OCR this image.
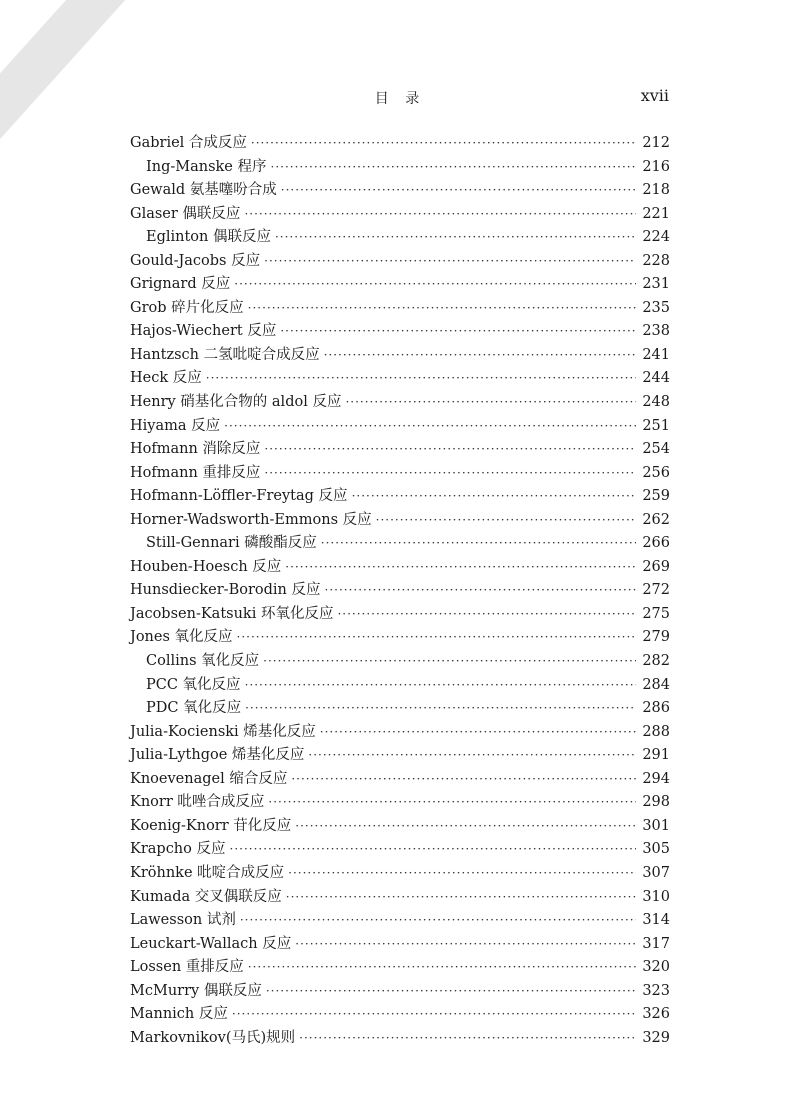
目 录	xvii
Gabriel 合成反应 ·····	212
Ing-Manske 程序 ·····	216
Gewald 氨基噻吩合成 ·····	218
Glaser 偶联反应 ·····	221
Eglinton 偶联反应 ·····	224
Gould-Jacobs 反应 ·····	228
Grignard 反应 ·····	231
Grob 碎片化反应 ·····	235
Hajos-Wiechert 反应 ·····	238
Hantzsch 二氢吡啶合成反应 ·····	241
Heck 反应 ·····	244
Henry 硝基化合物的 aldol 反应 ·····	248
Hiyama 反应 ·····	251
Hofmann 消除反应 ·····	254
Hofmann 重排反应 ·····	256
Hofmann-Löffler-Freytag 反应 ·····	259
Horner-Wadsworth-Emmons 反应 ·····	262
Still-Gennari 磷酸酯反应 ·····	266
Houben-Hoesch 反应 ·····	269
Hunsdiecker-Borodin 反应 ·····	272
Jacobsen-Katsuki 环氧化反应 ·····	275
Jones 氧化反应 ·····	279
Collins 氧化反应 ·····	282
PCC 氧化反应 ·····	284
PDC 氧化反应 ·····	286
Julia-Kocienski 烯基化反应 ·····	288
Julia-Lythgoe 烯基化反应 ·····	291
Knoevenagel 缩合反应 ·····	294
Knorr 吡唑合成反应 ·····	298
Koenig-Knorr 苷化反应 ·····	301
Krapcho 反应 ·····	305
Kröhnke 吡啶合成反应 ·····	307
Kumada 交叉偶联反应 ·····	310
Lawesson 试剂 ·····	314
Leuckart-Wallach 反应 ·····	317
Lossen 重排反应 ·····	320
McMurry 偶联反应 ·····	323
Mannich 反应 ·····	326
Markovnikov(马氏)规则 ·····	329
